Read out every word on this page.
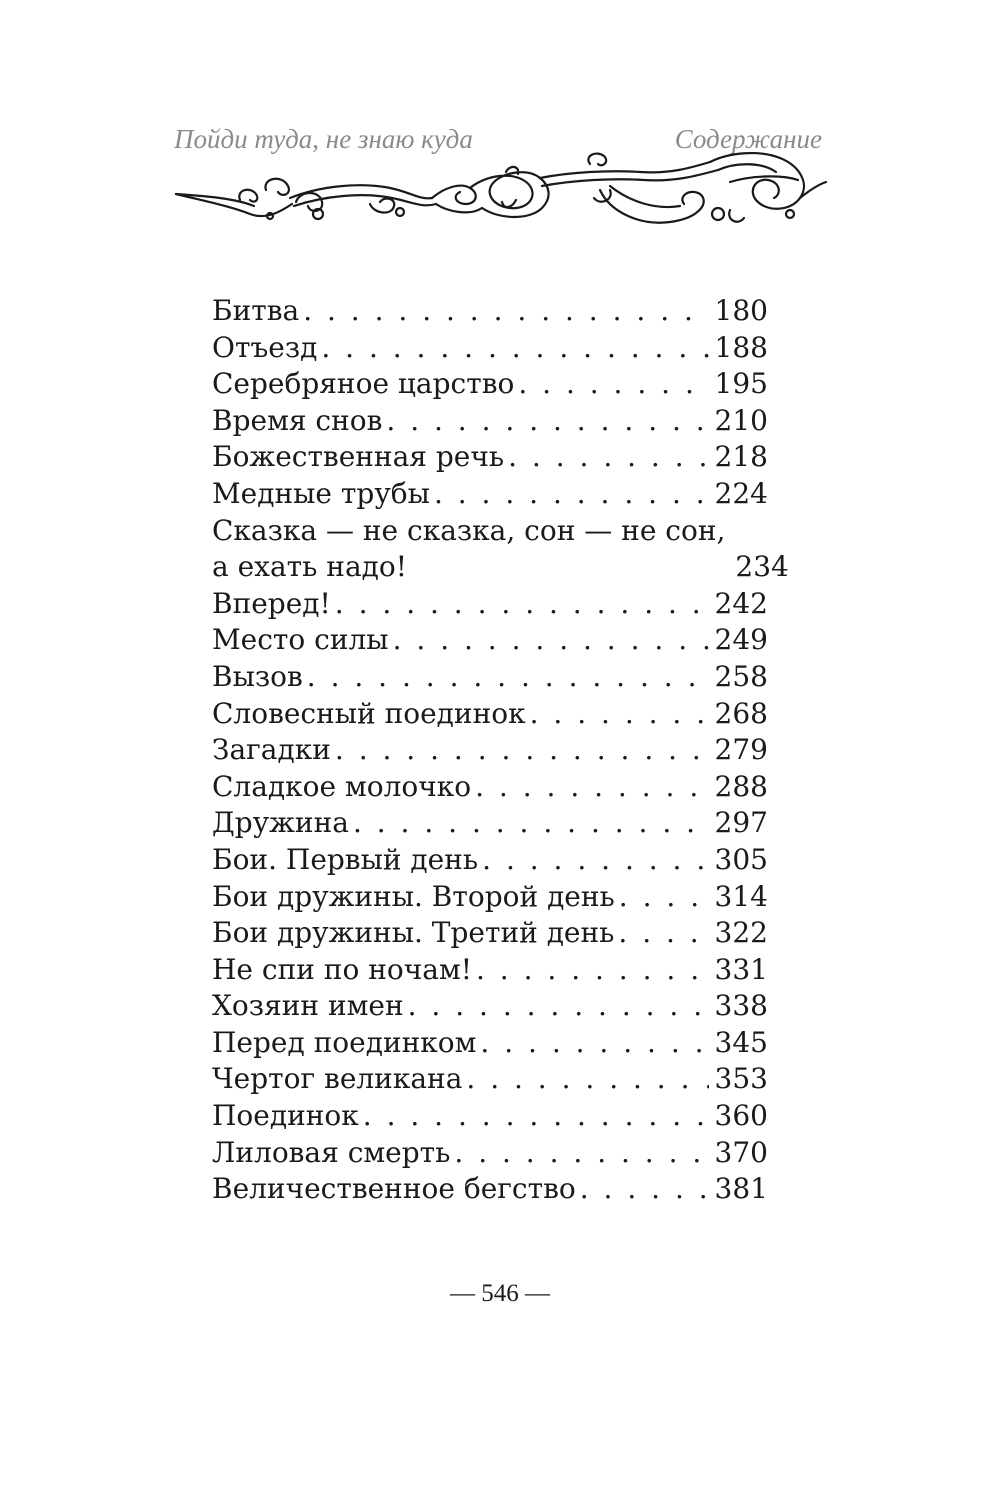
Пойди туда, не знаю куда	Содержание
Битва . . .	180
Отъезд . . .	188
Серебряное царство . . .	195
Время снов . . .	210
Божественная речь . . .	218
Медные трубы . . .	224
Сказка — не сказка, сон — не сон,
а ехать надо!	234
Вперед! . . .	242
Место силы . . .	249
Вызов . . .	258
Словесный поединок . . .	268
Загадки . . .	279
Сладкое молочко . . .	288
Дружина . . .	297
Бои. Первый день . . .	305
Бои дружины. Второй день . . .	314
Бои дружины. Третий день . . .	322
Не спи по ночам! . . .	331
Хозяин имен . . .	338
Перед поединком . . .	345
Чертог великана . . .	353
Поединок . . .	360
Лиловая смерть . . .	370
Величественное бегство . . .	381
— 546 —
